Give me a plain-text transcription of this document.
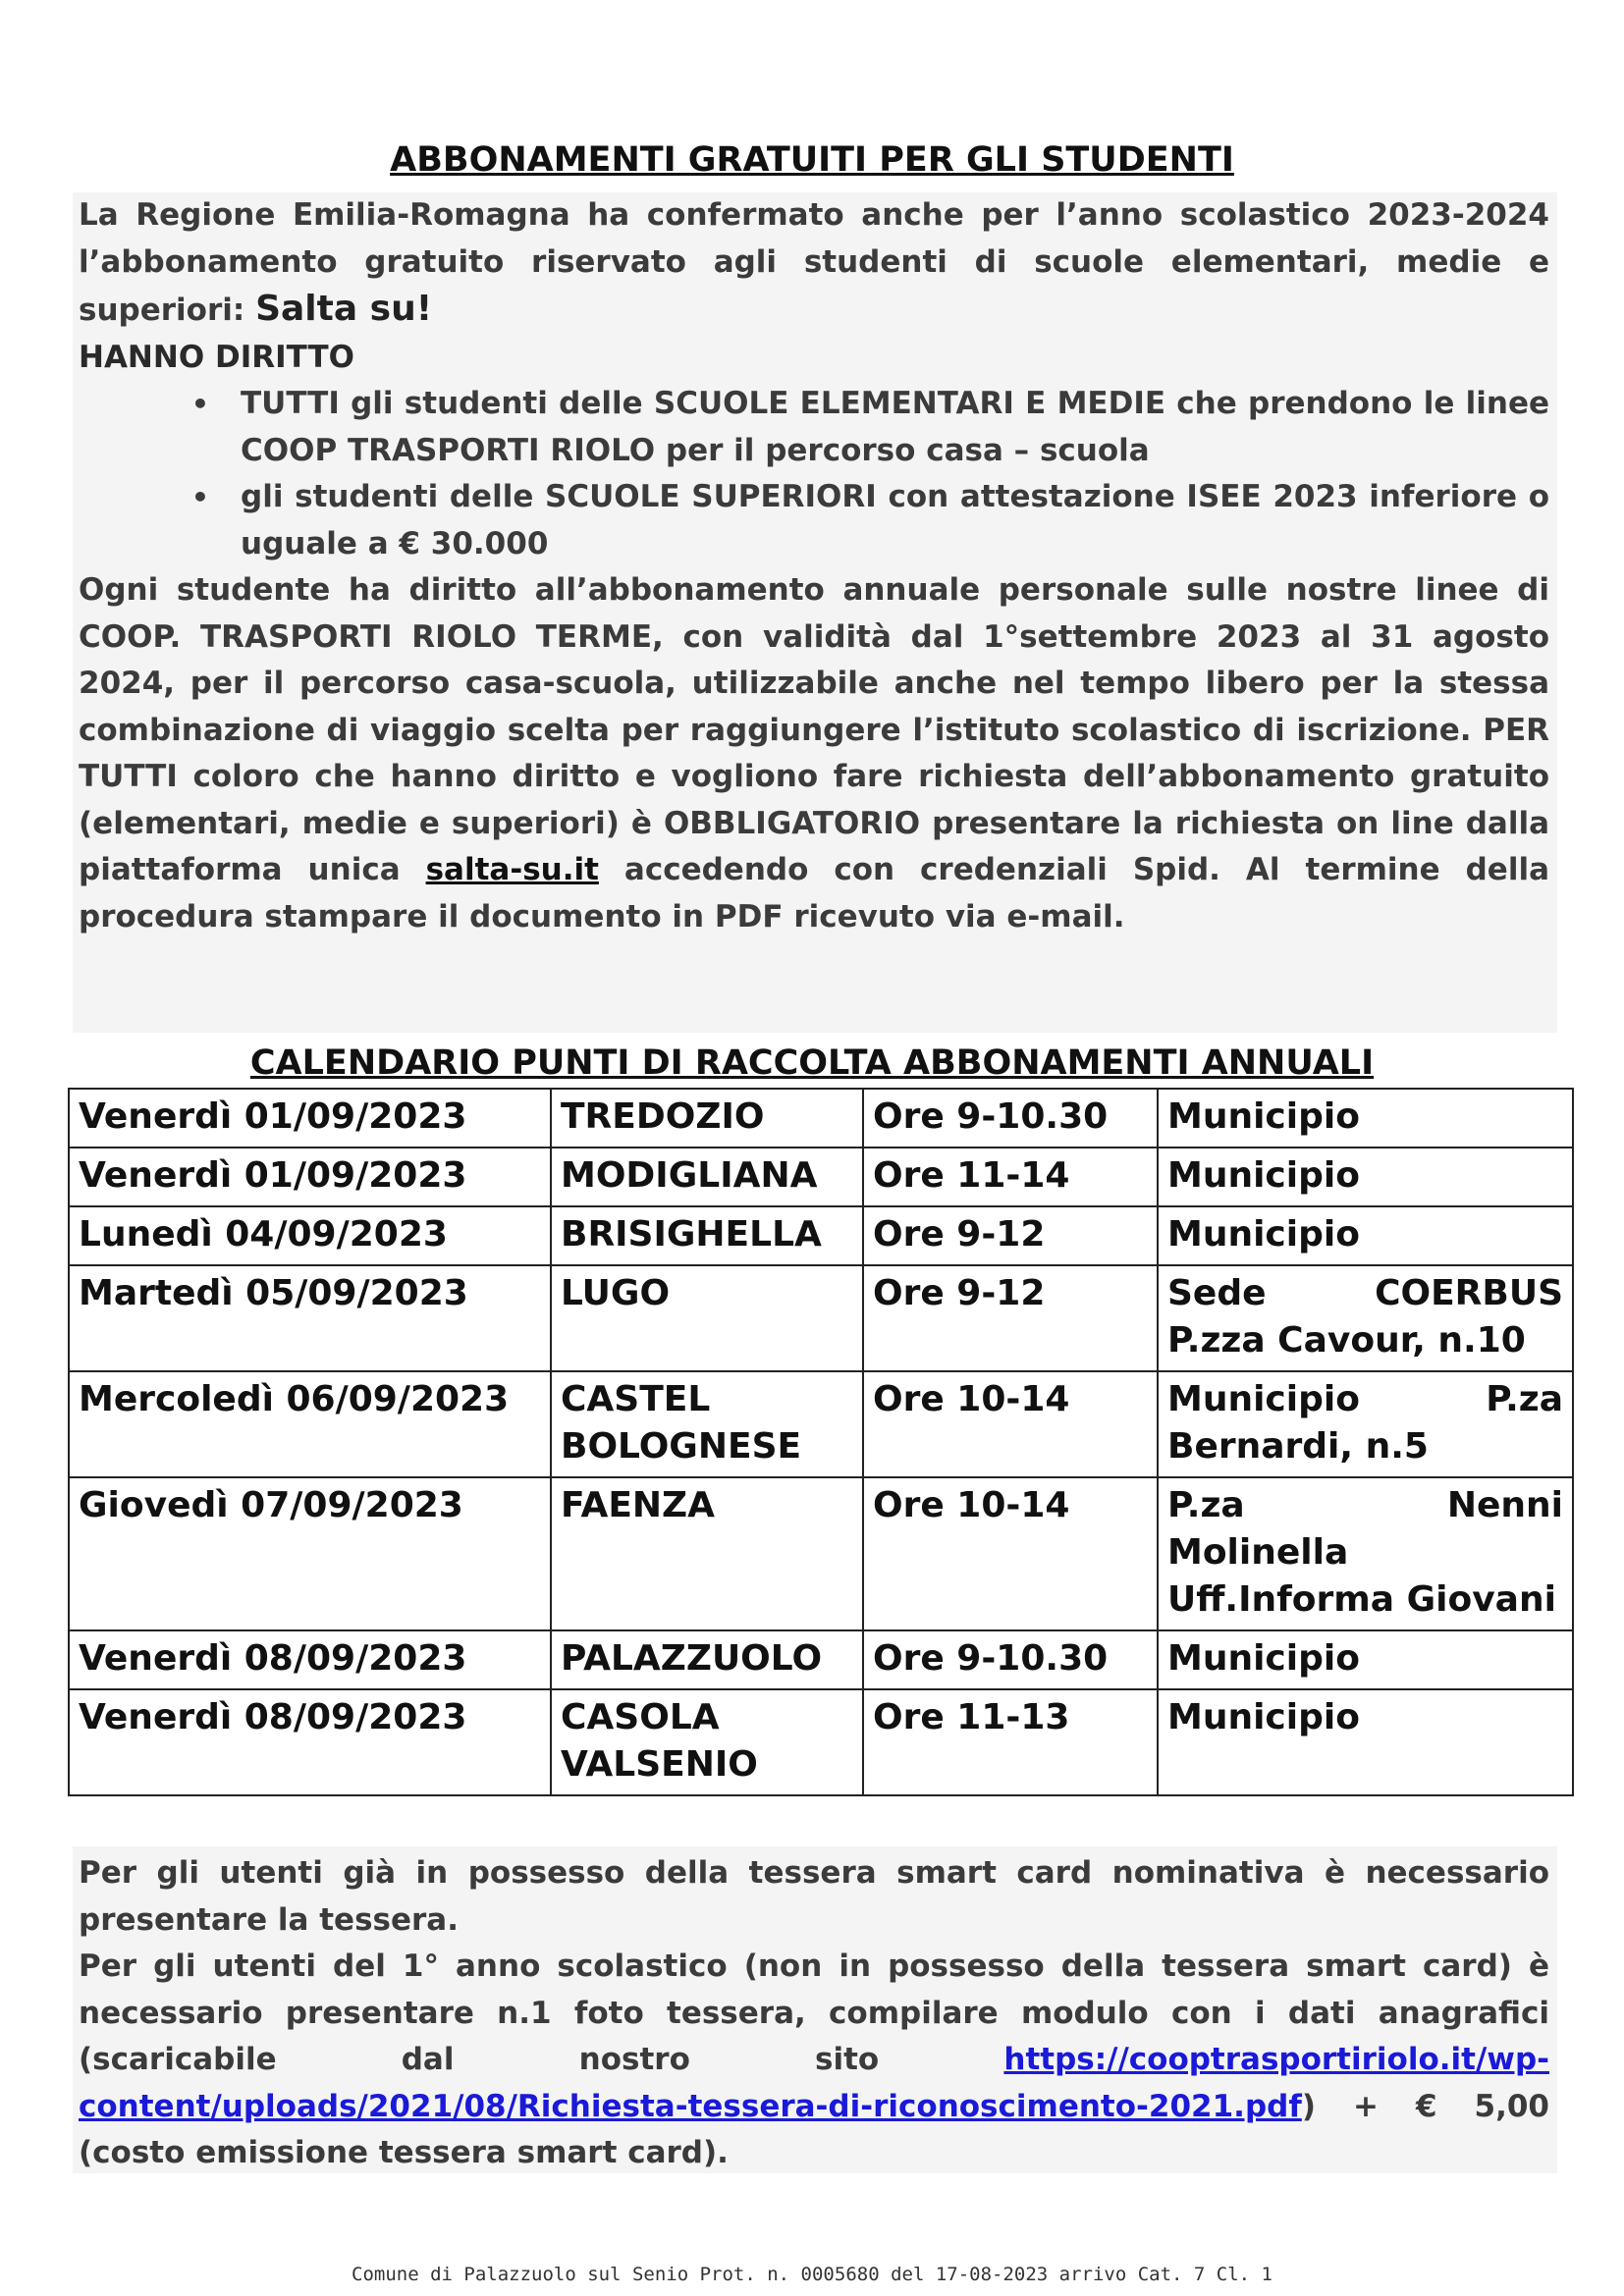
ABBONAMENTI GRATUITI PER GLI STUDENTI

La Regione Emilia-Romagna ha confermato anche per l’anno scolastico 2023-2024 l’abbonamento gratuito riservato agli studenti di scuole elementari, medie e superiori: Salta su!

HANNO DIRITTO

• TUTTI gli studenti delle SCUOLE ELEMENTARI E MEDIE che prendono le linee COOP TRASPORTI RIOLO per il percorso casa – scuola
• gli studenti delle SCUOLE SUPERIORI con attestazione ISEE 2023 inferiore o uguale a € 30.000

Ogni studente ha diritto all’abbonamento annuale personale sulle nostre linee di COOP. TRASPORTI RIOLO TERME, con validità dal 1°settembre 2023 al 31 agosto 2024, per il percorso casa-scuola, utilizzabile anche nel tempo libero per la stessa combinazione di viaggio scelta per raggiungere l’istituto scolastico di iscrizione. PER TUTTI coloro che hanno diritto e vogliono fare richiesta dell’abbonamento gratuito (elementari, medie e superiori) è OBBLIGATORIO presentare la richiesta on line dalla piattaforma unica salta-su.it accedendo con credenziali Spid. Al termine della procedura stampare il documento in PDF ricevuto via e-mail.

CALENDARIO PUNTI DI RACCOLTA ABBONAMENTI ANNUALI
Venerdì 01/09/2023	TREDOZIO	Ore 9-10.30	Municipio
Venerdì 01/09/2023	MODIGLIANA	Ore 11-14	Municipio
Lunedì 04/09/2023	BRISIGHELLA	Ore 9-12	Municipio
Martedì 05/09/2023	LUGO	Ore 9-12	Sede COERBUS P.zza Cavour, n.10
Mercoledì 06/09/2023	CASTEL BOLOGNESE	Ore 10-14	Municipio P.za Bernardi, n.5
Giovedì 07/09/2023	FAENZA	Ore 10-14	P.za Nenni Molinella Uff.Informa Giovani
Venerdì 08/09/2023	PALAZZUOLO	Ore 9-10.30	Municipio
Venerdì 08/09/2023	CASOLA VALSENIO	Ore 11-13	Municipio

Per gli utenti già in possesso della tessera smart card nominativa è necessario presentare la tessera.

Per gli utenti del 1° anno scolastico (non in possesso della tessera smart card) è necessario presentare n.1 foto tessera, compilare modulo con i dati anagrafici (scaricabile dal nostro sito	https://cooptrasportiriolo.it/wp-content/uploads/2021/08/Richiesta-tessera-di-riconoscimento-2021.pdf) + € 5,00 (costo emissione tessera smart card).

Comune di Palazzuolo sul Senio Prot. n. 0005680 del 17-08-2023 arrivo Cat. 7 Cl. 1
